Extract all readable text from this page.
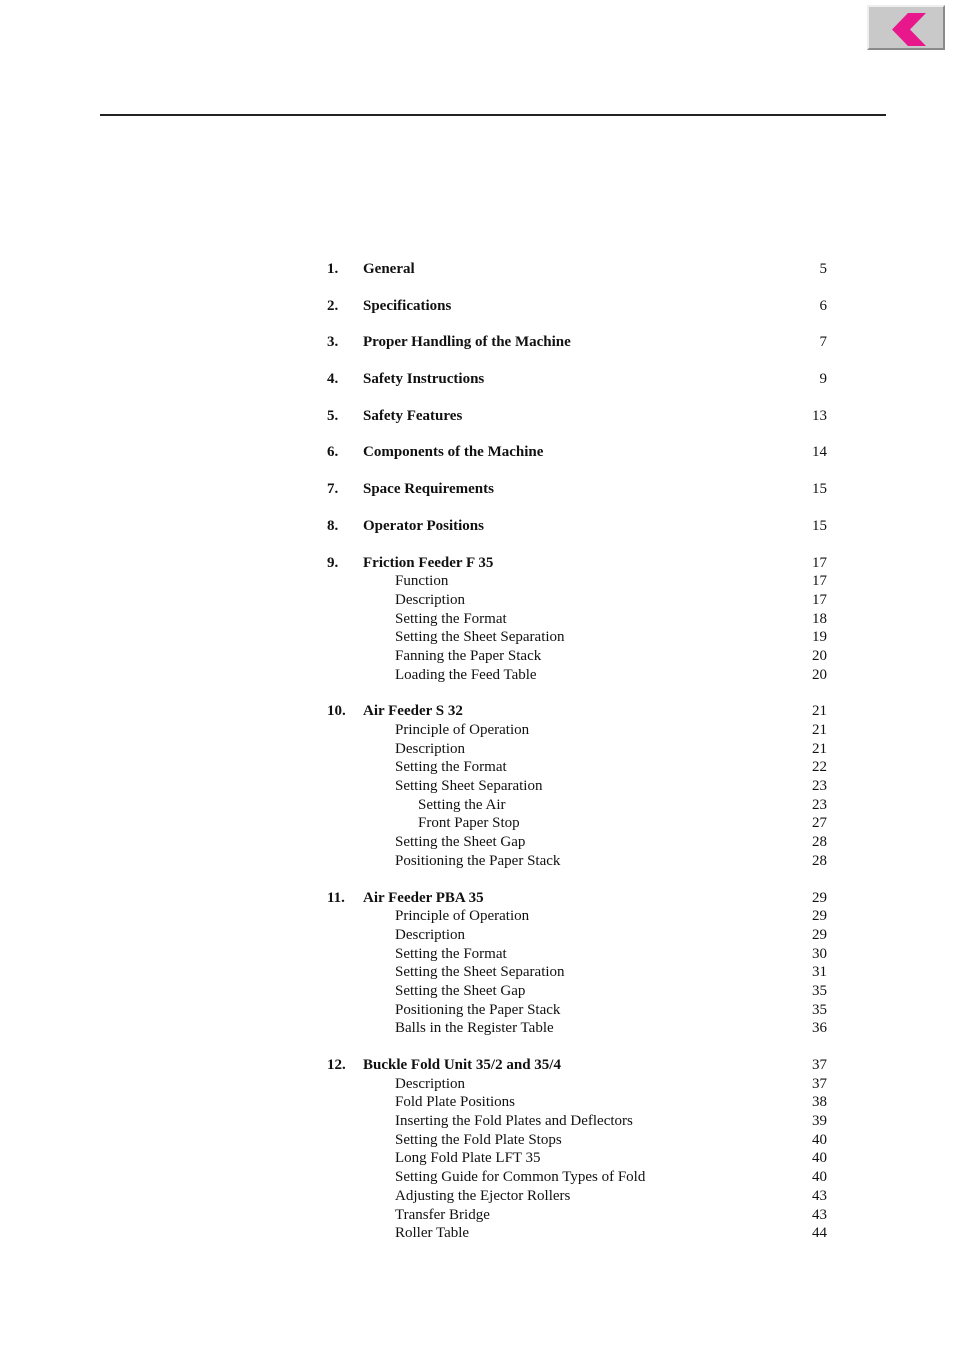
1. General	5
2. Specifications	6
3. Proper Handling of the Machine	7
4. Safety Instructions	9
5. Safety Features	13
6. Components of the Machine	14
7. Space Requirements	15
8. Operator Positions	15
9. Friction Feeder F 35	17
Function	17
Description	17
Setting the Format	18
Setting the Sheet Separation	19
Fanning the Paper Stack	20
Loading the Feed Table	20
10. Air Feeder S 32	21
Principle of Operation	21
Description	21
Setting the Format	22
Setting Sheet Separation	23
Setting the Air	23
Front Paper Stop	27
Setting the Sheet Gap	28
Positioning the Paper Stack	28
11. Air Feeder PBA 35	29
Principle of Operation	29
Description	29
Setting the Format	30
Setting the Sheet Separation	31
Setting the Sheet Gap	35
Positioning the Paper Stack	35
Balls in the Register Table	36
12. Buckle Fold Unit 35/2 and 35/4	37
Description	37
Fold Plate Positions	38
Inserting the Fold Plates and Deflectors	39
Setting the Fold Plate Stops	40
Long Fold Plate LFT 35	40
Setting Guide for Common Types of Fold	40
Adjusting the Ejector Rollers	43
Transfer Bridge	43
Roller Table	44
